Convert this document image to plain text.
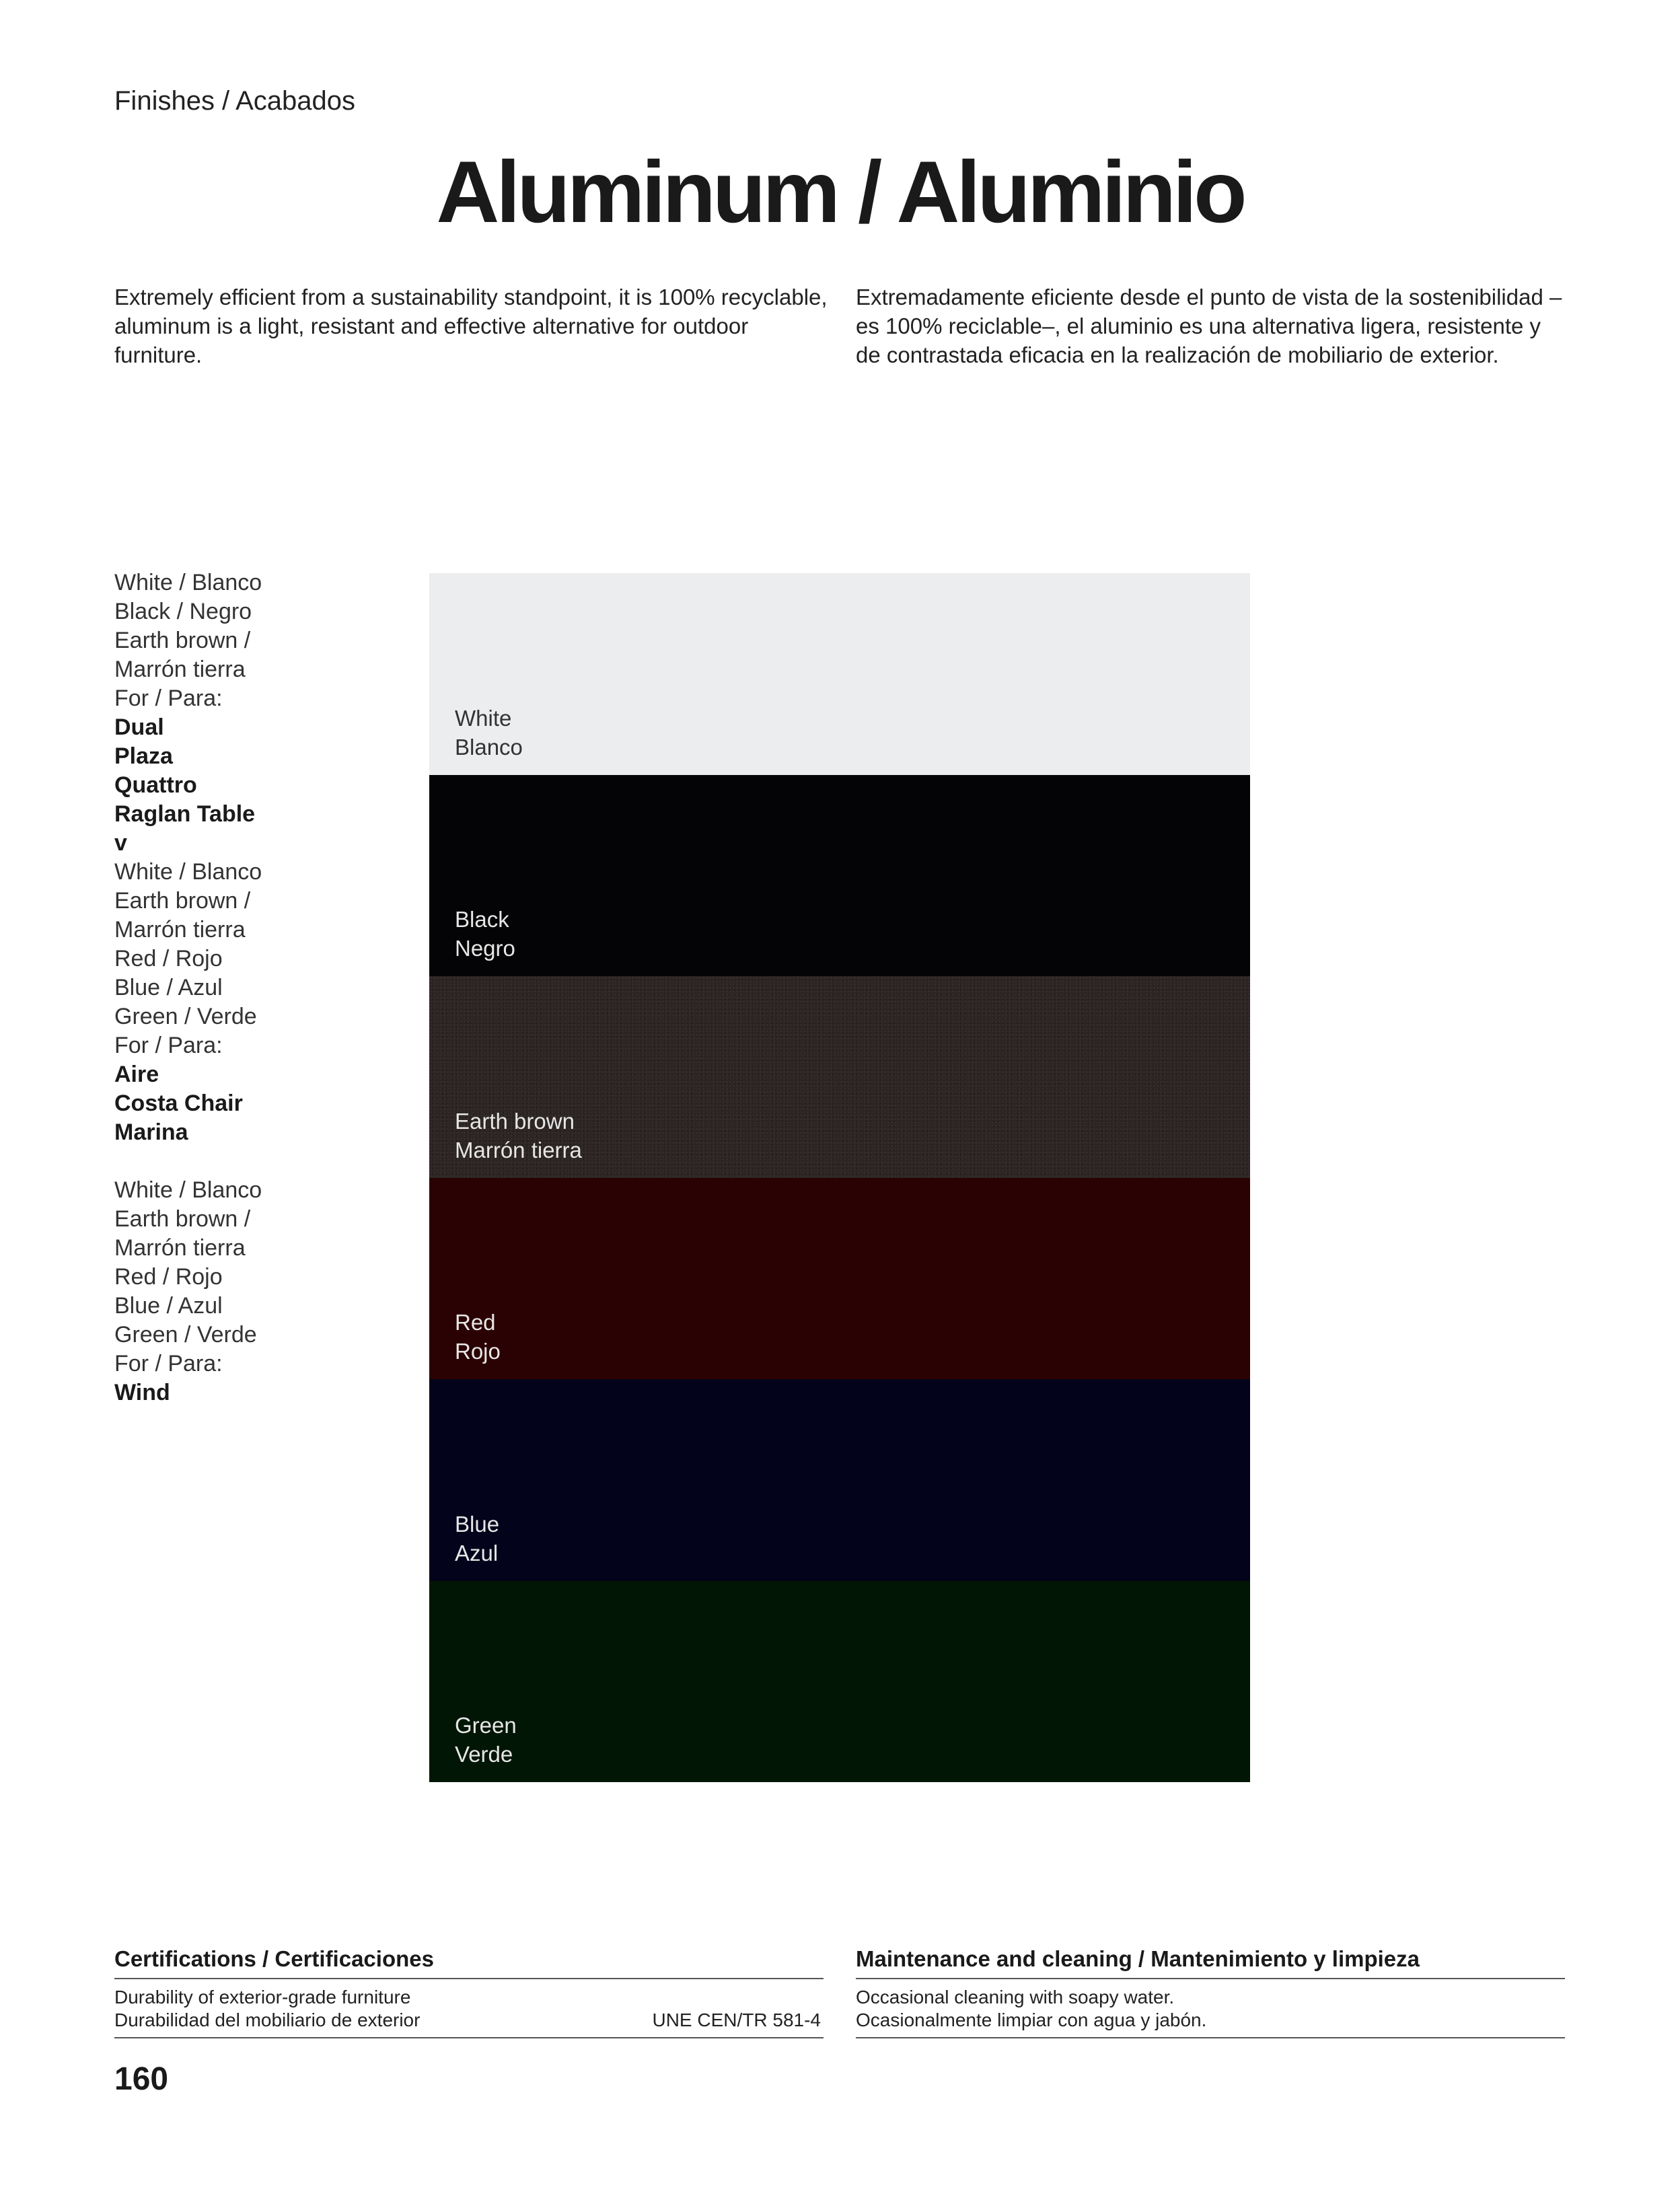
Finishes / Acabados
Aluminum / Aluminio

Extremely efficient from a sustainability standpoint, it is 100% recyclable, aluminum is a light, resistant and effective alternative for outdoor furniture.

Extremadamente eficiente desde el punto de vista de la sostenibilidad – es 100% reciclable–, el aluminio es una alternativa ligera, resistente y de contrastada eficacia en la realización de mobiliario de exterior.

White / Blanco
Black / Negro
Earth brown /
Marrón tierra
For / Para:
Dual
Plaza
Quattro
Raglan Table
v
White / Blanco
Earth brown /
Marrón tierra
Red / Rojo
Blue / Azul
Green / Verde
For / Para:
Aire
Costa Chair
Marina
White / Blanco
Earth brown /
Marrón tierra
Red / Rojo
Blue / Azul
Green / Verde
For / Para:
Wind
White
Blanco
Black
Negro
Earth brown
Marrón tierra
Red
Rojo
Blue
Azul
Green
Verde
Certifications / Certificaciones
Durability of exterior-grade furniture
Durabilidad del mobiliario de exterior	UNE CEN/TR 581-4
Maintenance and cleaning / Mantenimiento y limpieza
Occasional cleaning with soapy water.
Ocasionalmente limpiar con agua y jabón.
160
